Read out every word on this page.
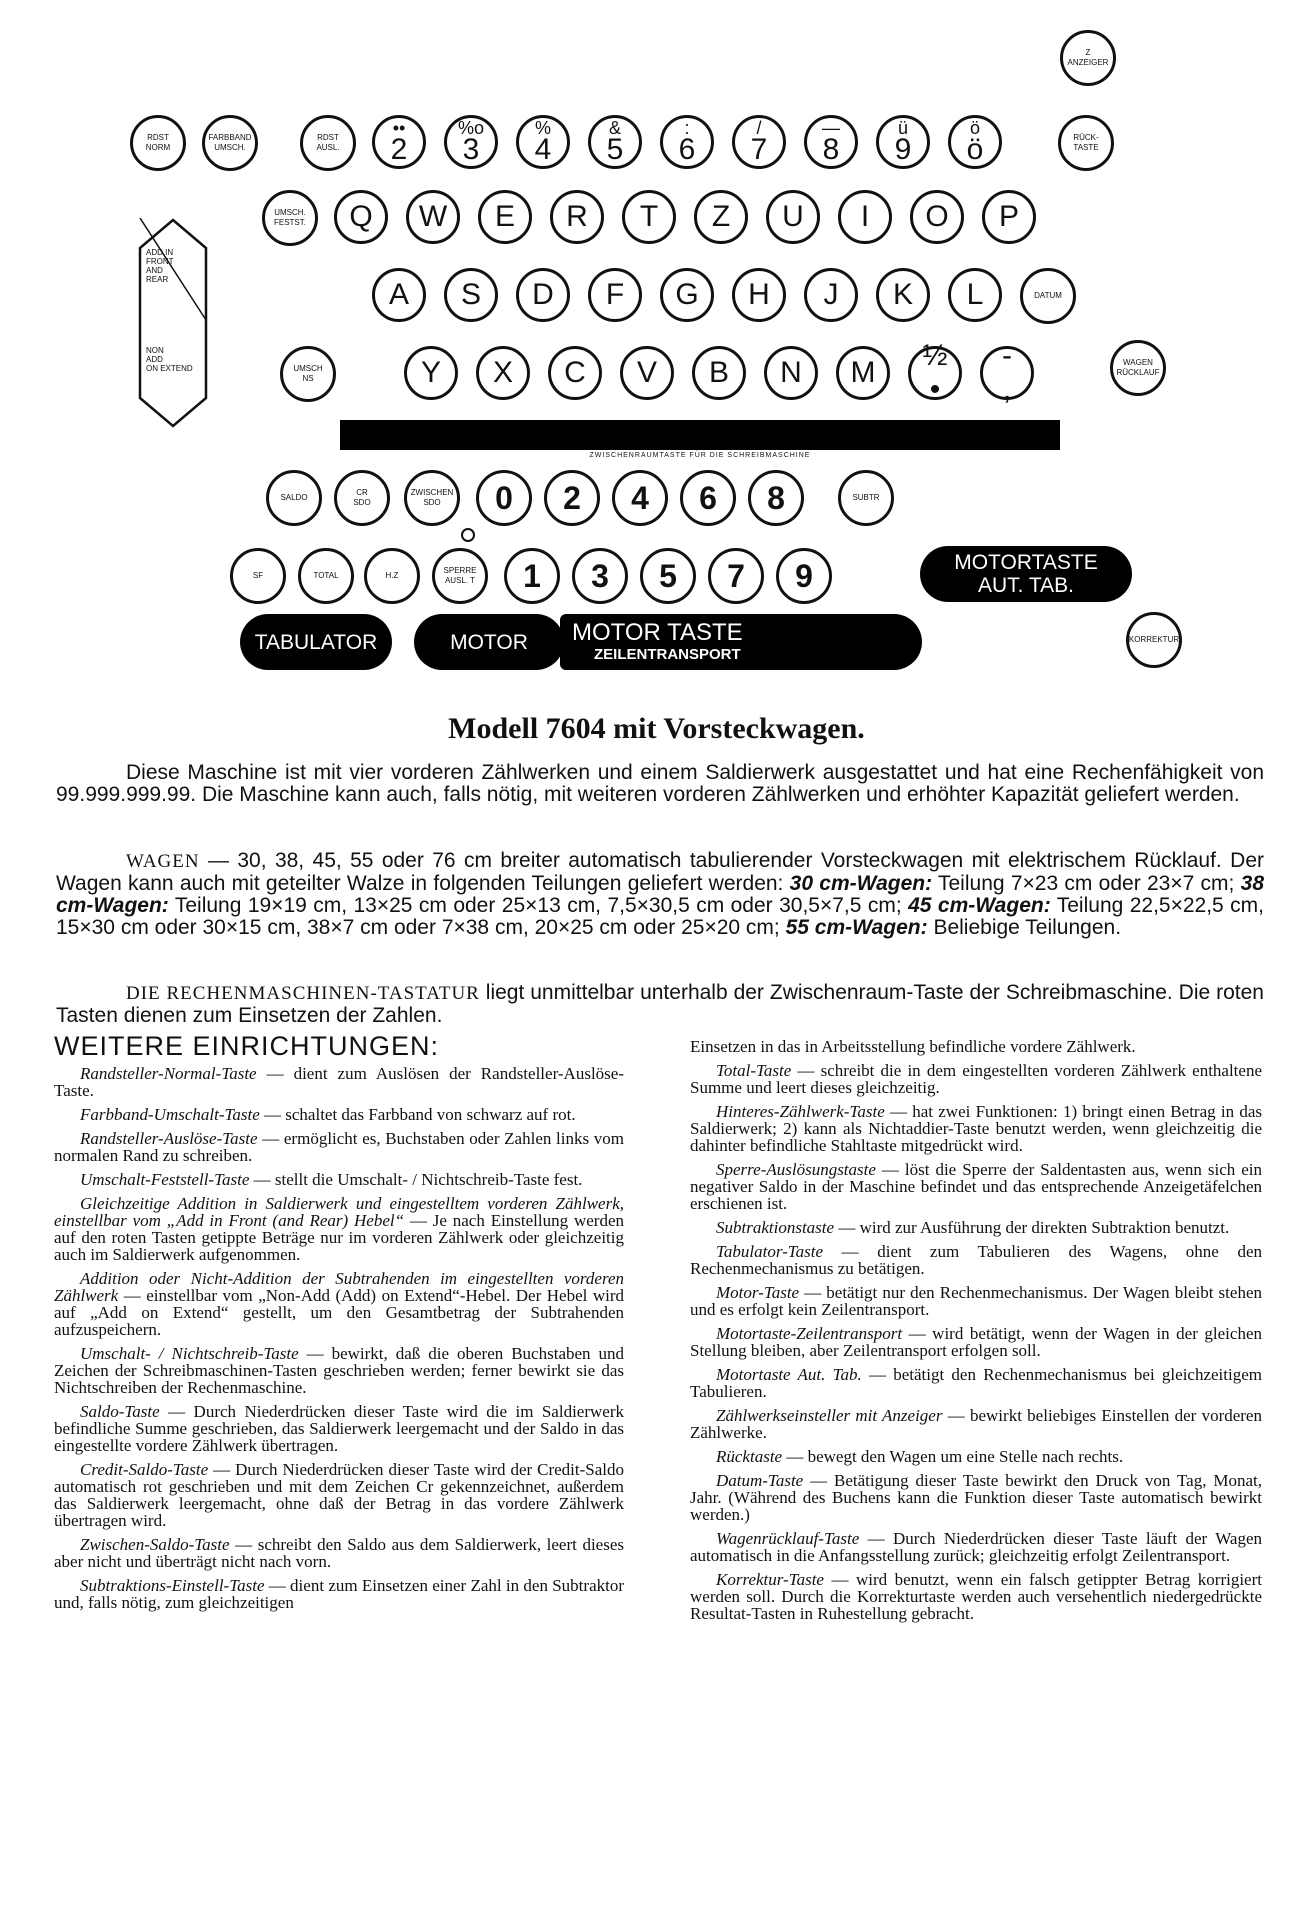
Z
ANZEIGER
RDST
NORM
FARBBAND
UMSCH.
RDST
AUSL.
••
2
%o
3
%
4
&
5
:
6
/
7
—
8
ü
9
ö
ö	RÜCK-
TASTE
UMSCH.
FESTST.	Q	W	E	R	T	Z	U	I	O	P
A	S	D	F	G	H	J	K	L	DATUM
UMSCH
NS	Y	X	C	V	B	N	M
½
•
-
,
WAGEN
RÜCKLAUF
SALDO
CR
SDO
ZWISCHEN
SDO	0	2	4	6	8	SUBTR
SF	TOTAL	H.Z
SPERRE
AUSL. T	1	3	5	7	9	MOTORTASTE
AUT. TAB.
TABULATOR	MOTOR	MOTOR TASTE
ZEILENTRANSPORT
KORREKTUR
ZWISCHENRAUMTASTE FÜR DIE SCHREIBMASCHINE
ADD IN FRONT
AND
REAR
NON
ADD
ON EXTEND
Modell 7604 mit Vorsteckwagen.
Diese Maschine ist mit vier vorderen Zählwerken und einem Saldierwerk ausgestattet und hat eine Rechenfähigkeit von 99.999.999.99. Die Maschine kann auch, falls nötig, mit weiteren vorderen Zählwerken und erhöhter Kapazität geliefert werden.
WAGEN — 30, 38, 45, 55 oder 76 cm breiter automatisch tabulierender Vorsteckwagen mit elektrischem Rücklauf. Der Wagen kann auch mit geteilter Walze in folgenden Teilungen geliefert werden: 30 cm-Wagen: Teilung 7×23 cm oder 23×7 cm; 38 cm-Wagen: Teilung 19×19 cm, 13×25 cm oder 25×13 cm, 7,5×30,5 cm oder 30,5×7,5 cm; 45 cm-Wagen: Teilung 22,5×22,5 cm, 15×30 cm oder 30×15 cm, 38×7 cm oder 7×38 cm, 20×25 cm oder 25×20 cm; 55 cm-Wagen: Beliebige Teilungen.
DIE RECHENMASCHINEN-TASTATUR liegt unmittelbar unterhalb der Zwischenraum-Taste der Schreibmaschine. Die roten Tasten dienen zum Einsetzen der Zahlen.
WEITERE EINRICHTUNGEN:
Randsteller-Normal-Taste — dient zum Auslösen der Randsteller-Auslöse-Taste.
Farbband-Umschalt-Taste — schaltet das Farbband von schwarz auf rot.
Randsteller-Auslöse-Taste — ermöglicht es, Buchstaben oder Zahlen links vom normalen Rand zu schreiben.
Umschalt-Feststell-Taste — stellt die Umschalt- / Nichtschreib-Taste fest.
Gleichzeitige Addition in Saldierwerk und eingestelltem vorderen Zählwerk, einstellbar vom „Add in Front (and Rear) Hebel“ — Je nach Einstellung werden auf den roten Tasten getippte Beträge nur im vorderen Zählwerk oder gleichzeitig auch im Saldierwerk aufgenommen.
Addition oder Nicht-Addition der Subtrahenden im eingestellten vorderen Zählwerk — einstellbar vom „Non-Add (Add) on Extend“-Hebel. Der Hebel wird auf „Add on Extend“ gestellt, um den Gesamtbetrag der Subtrahenden aufzuspeichern.
Umschalt- / Nichtschreib-Taste — bewirkt, daß die oberen Buchstaben und Zeichen der Schreibmaschinen-Tasten geschrieben werden; ferner bewirkt sie das Nichtschreiben der Rechenmaschine.
Saldo-Taste — Durch Niederdrücken dieser Taste wird die im Saldierwerk befindliche Summe geschrieben, das Saldierwerk leergemacht und der Saldo in das eingestellte vordere Zählwerk übertragen.
Credit-Saldo-Taste — Durch Niederdrücken dieser Taste wird der Credit-Saldo automatisch rot geschrieben und mit dem Zeichen Cr gekennzeichnet, außerdem das Saldierwerk leergemacht, ohne daß der Betrag in das vordere Zählwerk übertragen wird.
Zwischen-Saldo-Taste — schreibt den Saldo aus dem Saldierwerk, leert dieses aber nicht und überträgt nicht nach vorn.
Subtraktions-Einstell-Taste — dient zum Einsetzen einer Zahl in den Subtraktor und, falls nötig, zum gleichzeitigen
Einsetzen in das in Arbeitsstellung befindliche vordere Zählwerk.
Total-Taste — schreibt die in dem eingestellten vorderen Zählwerk enthaltene Summe und leert dieses gleichzeitig.
Hinteres-Zählwerk-Taste — hat zwei Funktionen: 1) bringt einen Betrag in das Saldierwerk; 2) kann als Nichtaddier-Taste benutzt werden, wenn gleichzeitig die dahinter befindliche Stahltaste mitgedrückt wird.
Sperre-Auslösungstaste — löst die Sperre der Saldentasten aus, wenn sich ein negativer Saldo in der Maschine befindet und das entsprechende Anzeigetäfelchen erschienen ist.
Subtraktionstaste — wird zur Ausführung der direkten Subtraktion benutzt.
Tabulator-Taste — dient zum Tabulieren des Wagens, ohne den Rechenmechanismus zu betätigen.
Motor-Taste — betätigt nur den Rechenmechanismus. Der Wagen bleibt stehen und es erfolgt kein Zeilentransport.
Motortaste-Zeilentransport — wird betätigt, wenn der Wagen in der gleichen Stellung bleiben, aber Zeilentransport erfolgen soll.
Motortaste Aut. Tab. — betätigt den Rechenmechanismus bei gleichzeitigem Tabulieren.
Zählwerkseinsteller mit Anzeiger — bewirkt beliebiges Einstellen der vorderen Zählwerke.
Rücktaste — bewegt den Wagen um eine Stelle nach rechts.
Datum-Taste — Betätigung dieser Taste bewirkt den Druck von Tag, Monat, Jahr. (Während des Buchens kann die Funktion dieser Taste automatisch bewirkt werden.)
Wagenrücklauf-Taste — Durch Niederdrücken dieser Taste läuft der Wagen automatisch in die Anfangsstellung zurück; gleichzeitig erfolgt Zeilentransport.
Korrektur-Taste — wird benutzt, wenn ein falsch getippter Betrag korrigiert werden soll. Durch die Korrekturtaste werden auch versehentlich niedergedrückte Resultat-Tasten in Ruhestellung gebracht.
